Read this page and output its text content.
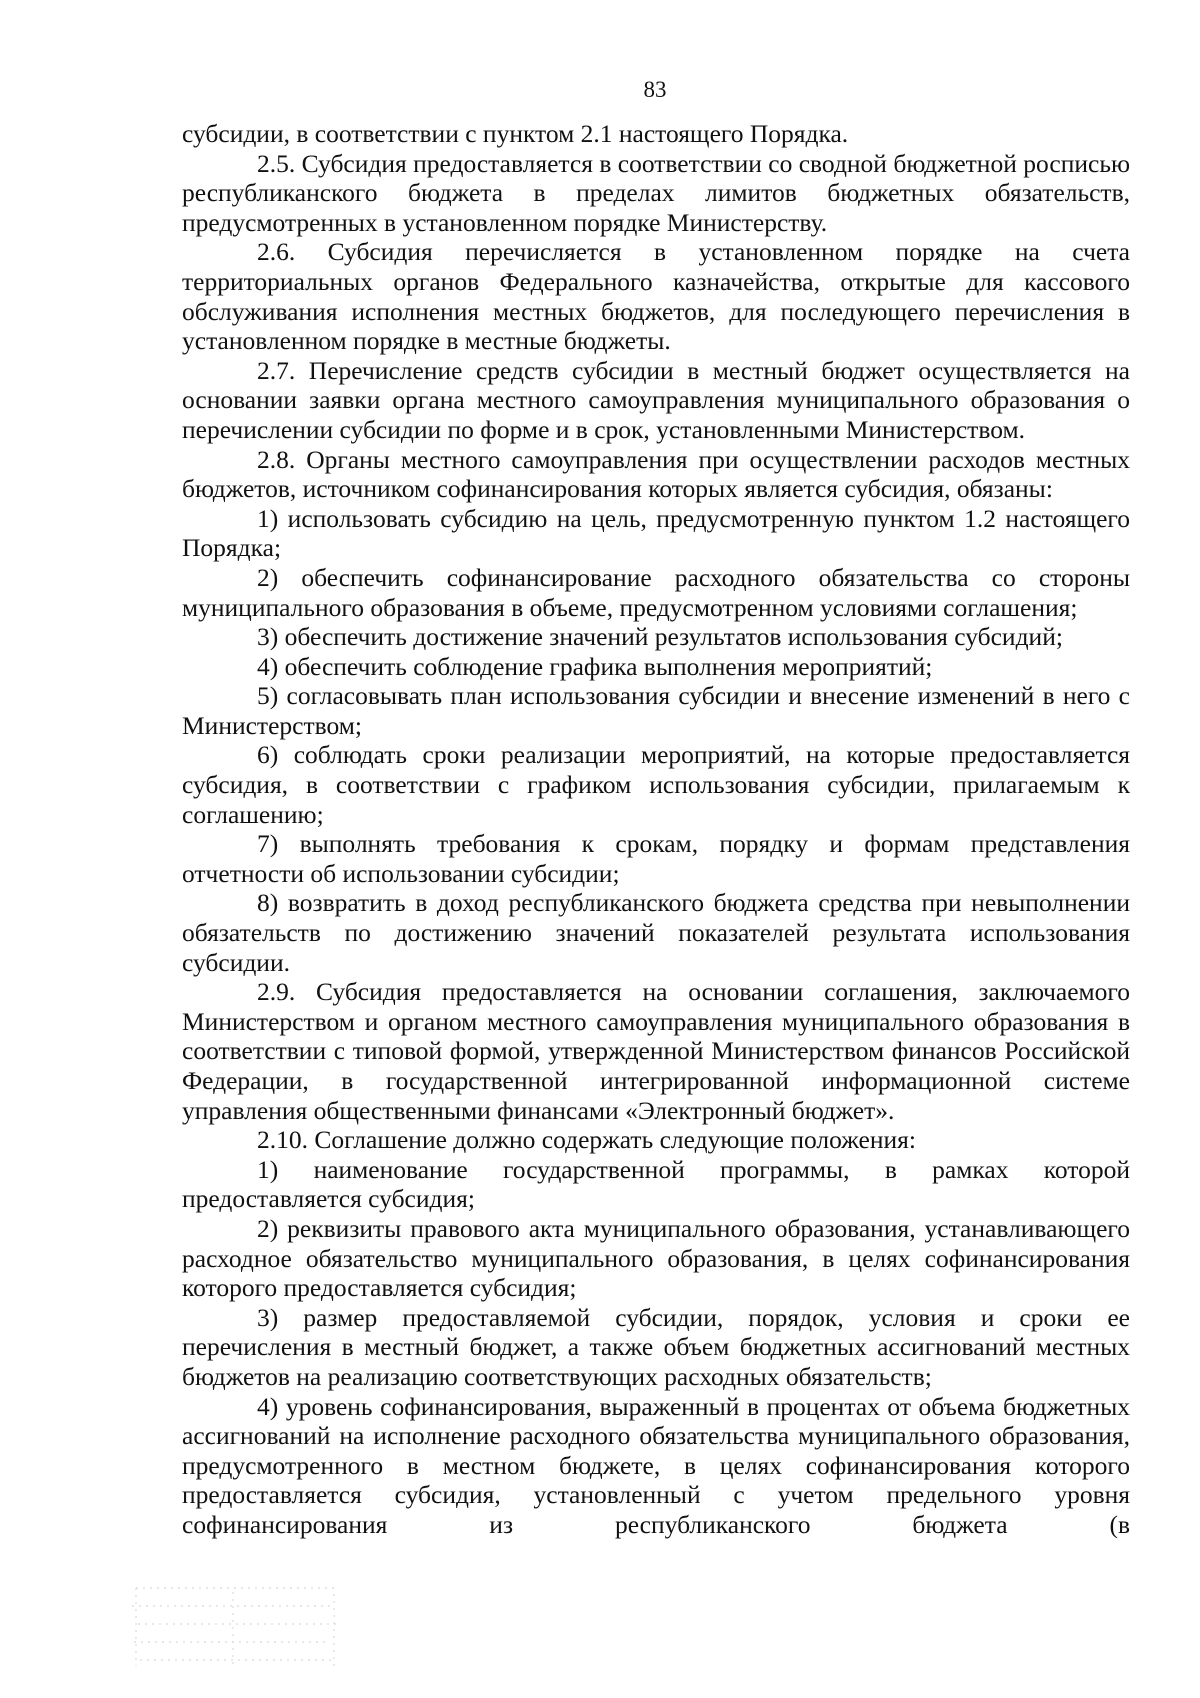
83

субсидии, в соответствии с пунктом 2.1 настоящего Порядка.

2.5. Субсидия предоставляется в соответствии со сводной бюджетной росписью республиканского бюджета в пределах лимитов бюджетных обязательств, предусмотренных в установленном порядке Министерству.

2.6. Субсидия перечисляется в установленном порядке на счета территориальных органов Федерального казначейства, открытые для кассового обслуживания исполнения местных бюджетов, для последующего перечисления в установленном порядке в местные бюджеты.

2.7. Перечисление средств субсидии в местный бюджет осуществляется на основании заявки органа местного самоуправления муниципального образования о перечислении субсидии по форме и в срок, установленными Министерством.

2.8. Органы местного самоуправления при осуществлении расходов местных бюджетов, источником софинансирования которых является субсидия, обязаны:

1) использовать субсидию на цель, предусмотренную пунктом 1.2 настоящего Порядка;

2) обеспечить софинансирование расходного обязательства со стороны муниципального образования в объеме, предусмотренном условиями соглашения;

3) обеспечить достижение значений результатов использования субсидий;

4) обеспечить соблюдение графика выполнения мероприятий;

5) согласовывать план использования субсидии и внесение изменений в него с Министерством;

6) соблюдать сроки реализации мероприятий, на которые предоставляется субсидия, в соответствии с графиком использования субсидии, прилагаемым к соглашению;

7) выполнять требования к срокам, порядку и формам представления отчетности об использовании субсидии;

8) возвратить в доход республиканского бюджета средства при невыполнении обязательств по достижению значений показателей результата использования субсидии.

2.9. Субсидия предоставляется на основании соглашения, заключаемого Министерством и органом местного самоуправления муниципального образования в соответствии с типовой формой, утвержденной Министерством финансов Российской Федерации, в государственной интегрированной информационной системе управления общественными финансами «Электронный бюджет».

2.10. Соглашение должно содержать следующие положения:

1) наименование государственной программы, в рамках которой предоставляется субсидия;

2) реквизиты правового акта муниципального образования, устанавливающего расходное обязательство муниципального образования, в целях софинансирования которого предоставляется субсидия;

3) размер предоставляемой субсидии, порядок, условия и сроки ее перечисления в местный бюджет, а также объем бюджетных ассигнований местных бюджетов на реализацию соответствующих расходных обязательств;

4) уровень софинансирования, выраженный в процентах от объема бюджетных ассигнований на исполнение расходного обязательства муниципального образования, предусмотренного в местном бюджете, в целях софинансирования которого предоставляется субсидия, установленный с учетом предельного уровня софинансирования из республиканского бюджета (в
